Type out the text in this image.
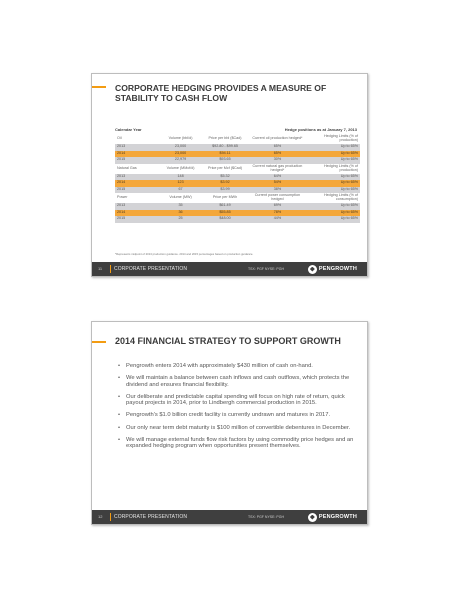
CORPORATE HEDGING PROVIDES A MEASURE OF STABILITY TO CASH FLOW
Calendar Year	Hedge positions as at January 7, 2013
Oil	Volume (bbl/d)	Price per bbl ($Cad)	Current oil production hedged*	Hedging Limits (% of production)
2013	23,000	$92.80 - $99.65	65%	Up to 65%
2014	23,000	$94.11	65%	Up to 65%
2015	22,979	$93.65	30%	Up to 65%
Natural Gas	Volume (MMcf/d)	Price per Mcf ($Cad)	Current natural gas production hedged*	Hedging Limits (% of production)
2013	148	$5.32	64%	Up to 65%
2014	123	$3.92	54%	Up to 65%
2015	67	$3.99	38%	Up to 65%
Power	Volume (MW)	Price per MWh	Current power consumption hedged	Hedging Limits (% of consumption)
2013	35	$61.49	69%	Up to 65%
2014	36	$55.85	78%	Up to 65%
2015	25	$48.00	44%	Up to 65%
*Represents midpoint of 2013 production guidance. 2014 and 2015 percentages based on production guidance.
11 CORPORATE PRESENTATION	TSX: PGF NYSE: PGH	PENGROWTH
2014 FINANCIAL STRATEGY TO SUPPORT GROWTH
• Pengrowth enters 2014 with approximately $430 million of cash on-hand.
• We will maintain a balance between cash inflows and cash outflows, which protects the dividend and ensures financial flexibility.
• Our deliberate and predictable capital spending will focus on high rate of return, quick payout projects in 2014, prior to Lindbergh commercial production in 2015.
• Pengrowth's $1.0 billion credit facility is currently undrawn and matures in 2017.
• Our only near term debt maturity is $100 million of convertible debentures in December.
• We will manage external funds flow risk factors by using commodity price hedges and an expanded hedging program when opportunities present themselves.
12 CORPORATE PRESENTATION	TSX: PGF NYSE: PGH	PENGROWTH
